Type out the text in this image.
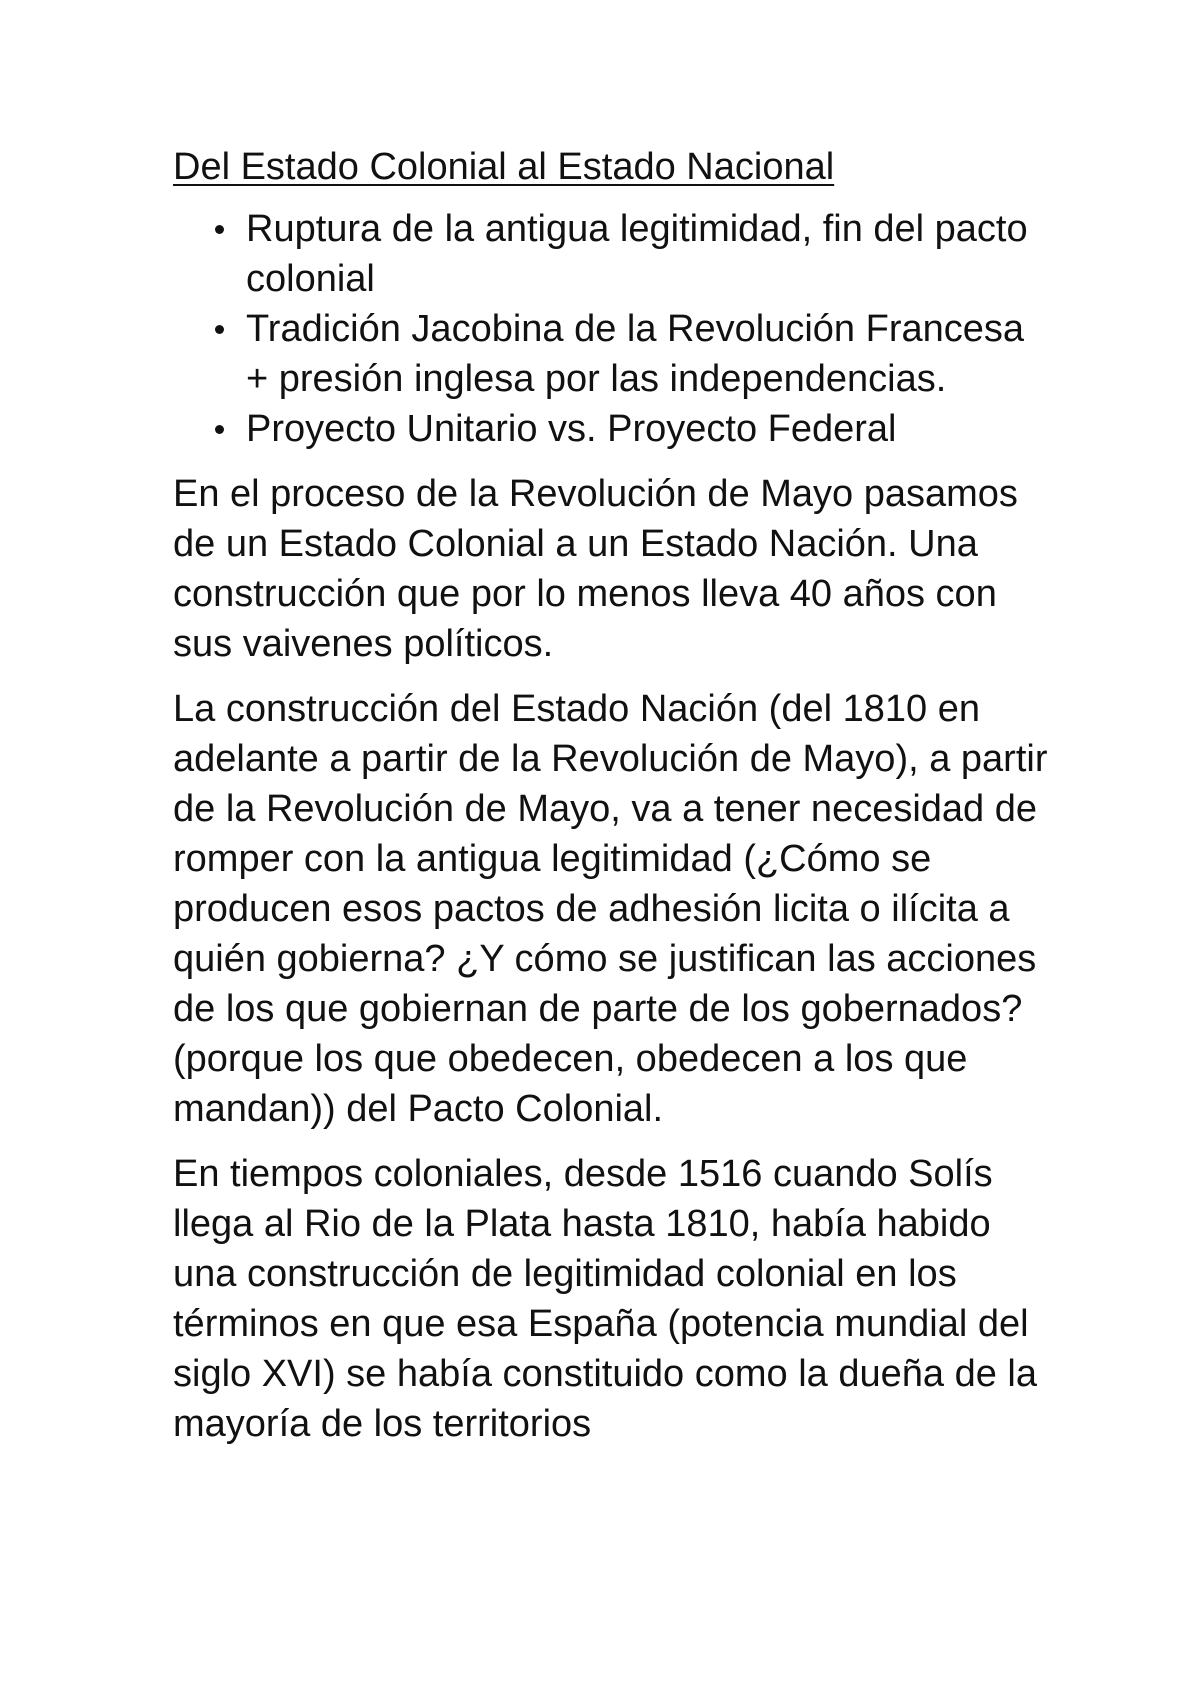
Del Estado Colonial al Estado Nacional
Ruptura de la antigua legitimidad, fin del pacto colonial
Tradición Jacobina de la Revolución Francesa + presión inglesa por las independencias.
Proyecto Unitario vs. Proyecto Federal

En el proceso de la Revolución de Mayo pasamos de un Estado Colonial a un Estado Nación. Una construcción que por lo menos lleva 40 años con sus vaivenes políticos.

La construcción del Estado Nación (del 1810 en adelante a partir de la Revolución de Mayo), a partir de la Revolución de Mayo, va a tener necesidad de romper con la antigua legitimidad (¿Cómo se producen esos pactos de adhesión licita o ilícita a quién gobierna? ¿Y cómo se justifican las acciones de los que gobiernan de parte de los gobernados? (porque los que obedecen, obedecen a los que mandan)) del Pacto Colonial.

En tiempos coloniales, desde 1516 cuando Solís llega al Rio de la Plata hasta 1810, había habido una construcción de legitimidad colonial en los términos en que esa España (potencia mundial del siglo XVI) se había constituido como la dueña de la mayoría de los territorios
